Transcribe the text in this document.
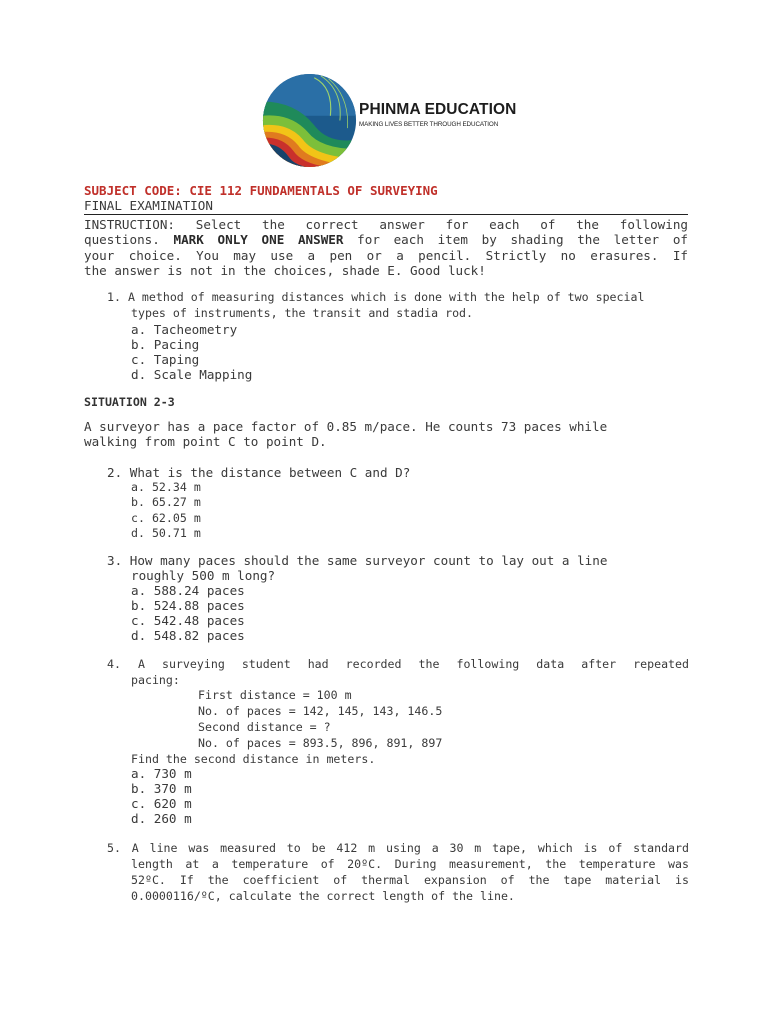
PHINMA EDUCATION
MAKING LIVES BETTER THROUGH EDUCATION
SUBJECT CODE: CIE 112 FUNDAMENTALS OF SURVEYING
FINAL EXAMINATION
INSTRUCTION: Select the correct answer for each of the following
questions. MARK ONLY ONE ANSWER for each item by shading the letter of
your choice. You may use a pen or a pencil. Strictly no erasures. If
the answer is not in the choices, shade E. Good luck!
1. A method of measuring distances which is done with the help of two special
types of instruments, the transit and stadia rod.
a. Tacheometry
b. Pacing
c. Taping
d. Scale Mapping
SITUATION 2-3
A surveyor has a pace factor of 0.85 m/pace. He counts 73 paces while
walking from point C to point D.
2. What is the distance between C and D?
a. 52.34 m
b. 65.27 m
c. 62.05 m
d. 50.71 m
3. How many paces should the same surveyor count to lay out a line
roughly 500 m long?
a. 588.24 paces
b. 524.88 paces
c. 542.48 paces
d. 548.82 paces
4. A surveying student had recorded the following data after repeated
pacing:
First distance = 100 m
No. of paces = 142, 145, 143, 146.5
Second distance = ?
No. of paces = 893.5, 896, 891, 897
Find the second distance in meters.
a. 730 m
b. 370 m
c. 620 m
d. 260 m
5. A line was measured to be 412 m using a 30 m tape, which is of standard
length at a temperature of 20ºC. During measurement, the temperature was
52ºC. If the coefficient of thermal expansion of the tape material is
0.0000116/ºC, calculate the correct length of the line.
